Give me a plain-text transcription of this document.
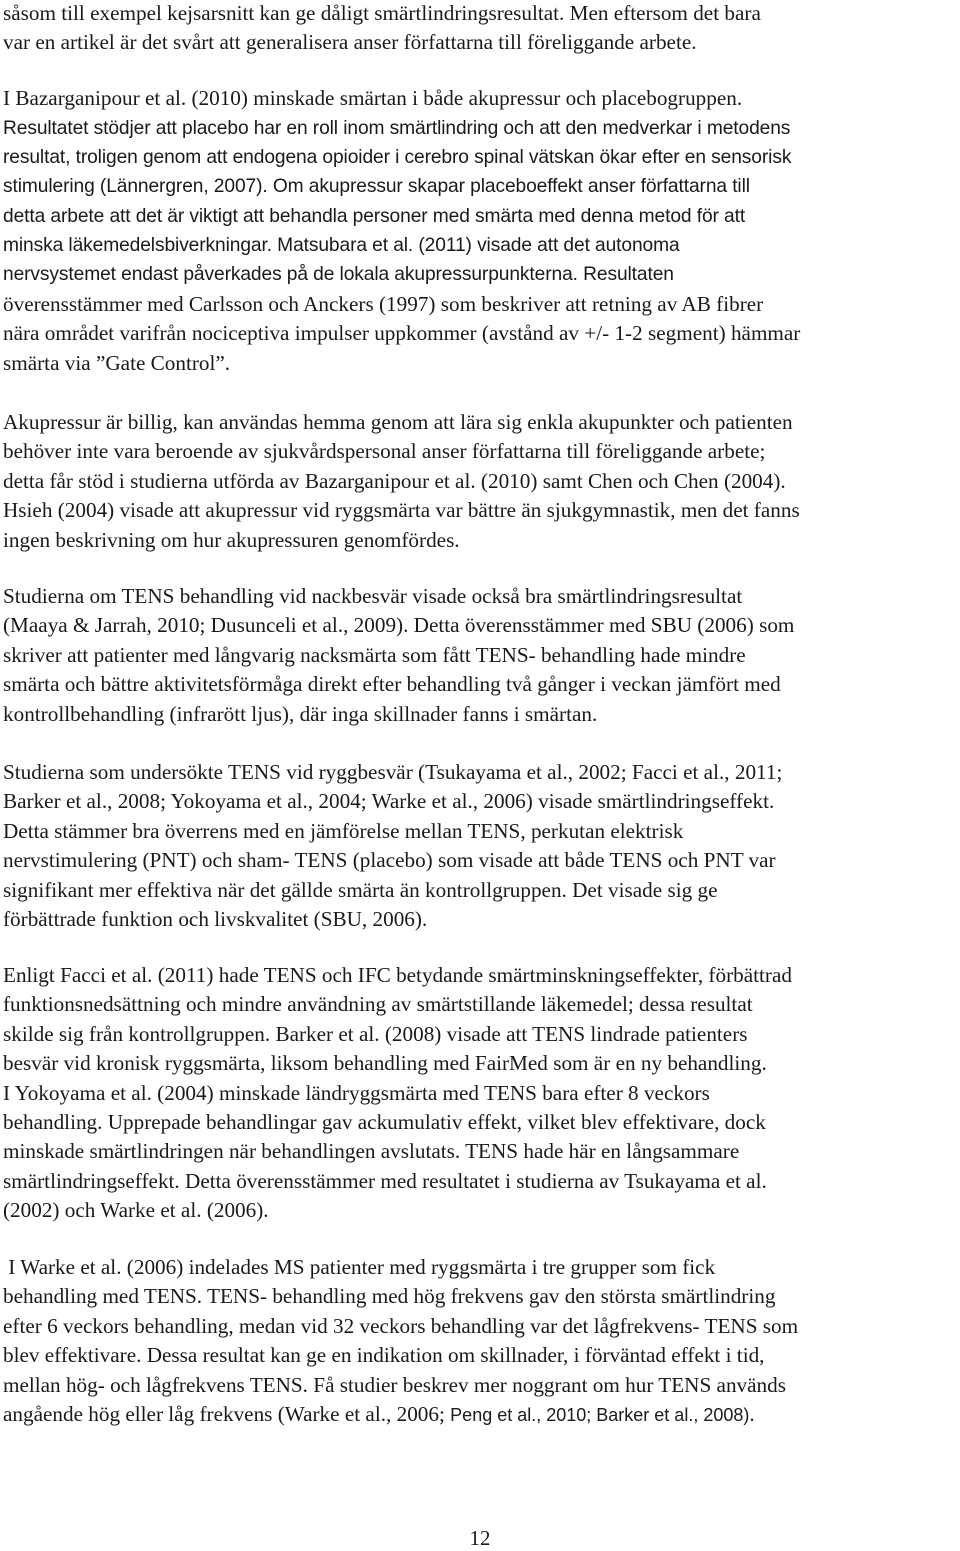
såsom till exempel kejsarsnitt kan ge dåligt smärtlindringsresultat. Men eftersom det bara
var en artikel är det svårt att generalisera anser författarna till föreliggande arbete.
I Bazarganipour et al. (2010) minskade smärtan i både akupressur och placebogruppen.
Resultatet stödjer att placebo har en roll inom smärtlindring och att den medverkar i metodens
resultat, troligen genom att endogena opioider i cerebro spinal vätskan ökar efter en sensorisk
stimulering (Lännergren, 2007). Om akupressur skapar placeboeffekt anser författarna till
detta arbete att det är viktigt att behandla personer med smärta med denna metod för att
minska läkemedelsbiverkningar. Matsubara et al. (2011) visade att det autonoma
nervsystemet endast påverkades på de lokala akupressurpunkterna. Resultaten
överensstämmer med Carlsson och Anckers (1997) som beskriver att retning av AB fibrer
nära området varifrån nociceptiva impulser uppkommer (avstånd av +/- 1-2 segment) hämmar
smärta via ”Gate Control”.
Akupressur är billig, kan användas hemma genom att lära sig enkla akupunkter och patienten
behöver inte vara beroende av sjukvårdspersonal anser författarna till föreliggande arbete;
detta får stöd i studierna utförda av Bazarganipour et al. (2010) samt Chen och Chen (2004).
Hsieh (2004) visade att akupressur vid ryggsmärta var bättre än sjukgymnastik, men det fanns
ingen beskrivning om hur akupressuren genomfördes.
Studierna om TENS behandling vid nackbesvär visade också bra smärtlindringsresultat
(Maaya & Jarrah, 2010; Dusunceli et al., 2009). Detta överensstämmer med SBU (2006) som
skriver att patienter med långvarig nacksmärta som fått TENS- behandling hade mindre
smärta och bättre aktivitetsförmåga direkt efter behandling två gånger i veckan jämfört med
kontrollbehandling (infrarött ljus), där inga skillnader fanns i smärtan.
Studierna som undersökte TENS vid ryggbesvär (Tsukayama et al., 2002; Facci et al., 2011;
Barker et al., 2008; Yokoyama et al., 2004; Warke et al., 2006) visade smärtlindringseffekt.
Detta stämmer bra överrens med en jämförelse mellan TENS, perkutan elektrisk
nervstimulering (PNT) och sham- TENS (placebo) som visade att både TENS och PNT var
signifikant mer effektiva när det gällde smärta än kontrollgruppen. Det visade sig ge
förbättrade funktion och livskvalitet (SBU, 2006).
Enligt Facci et al. (2011) hade TENS och IFC betydande smärtminskningseffekter, förbättrad
funktionsnedsättning och mindre användning av smärtstillande läkemedel; dessa resultat
skilde sig från kontrollgruppen. Barker et al. (2008) visade att TENS lindrade patienters
besvär vid kronisk ryggsmärta, liksom behandling med FairMed som är en ny behandling.
I Yokoyama et al. (2004) minskade ländryggsmärta med TENS bara efter 8 veckors
behandling. Upprepade behandlingar gav ackumulativ effekt, vilket blev effektivare, dock
minskade smärtlindringen när behandlingen avslutats. TENS hade här en långsammare
smärtlindringseffekt. Detta överensstämmer med resultatet i studierna av Tsukayama et al.
(2002) och Warke et al. (2006).
I Warke et al. (2006) indelades MS patienter med ryggsmärta i tre grupper som fick
behandling med TENS. TENS- behandling med hög frekvens gav den största smärtlindring
efter 6 veckors behandling, medan vid 32 veckors behandling var det lågfrekvens- TENS som
blev effektivare. Dessa resultat kan ge en indikation om skillnader, i förväntad effekt i tid,
mellan hög- och lågfrekvens TENS. Få studier beskrev mer noggrant om hur TENS används
angående hög eller låg frekvens (Warke et al., 2006; Peng et al., 2010; Barker et al., 2008).
12
